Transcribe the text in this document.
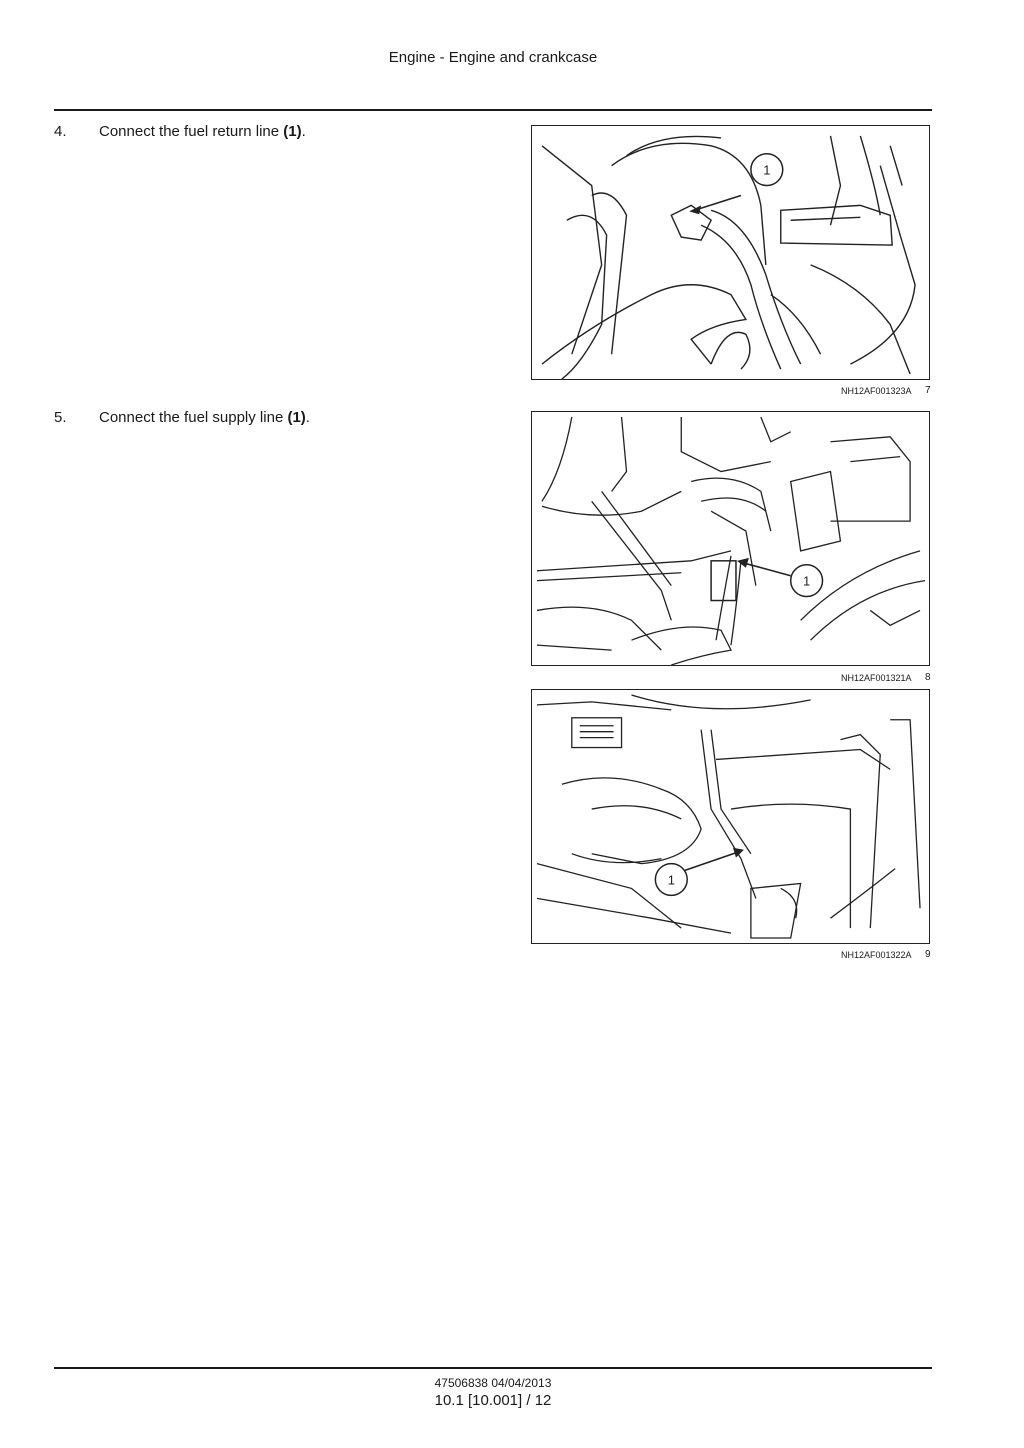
Engine - Engine and crankcase
4. Connect the fuel return line (1).
1
NH12AF001323A 7
5. Connect the fuel supply line (1).
1
NH12AF001321A 8
1
NH12AF001322A 9
47506838 04/04/2013
10.1 [10.001] / 12
